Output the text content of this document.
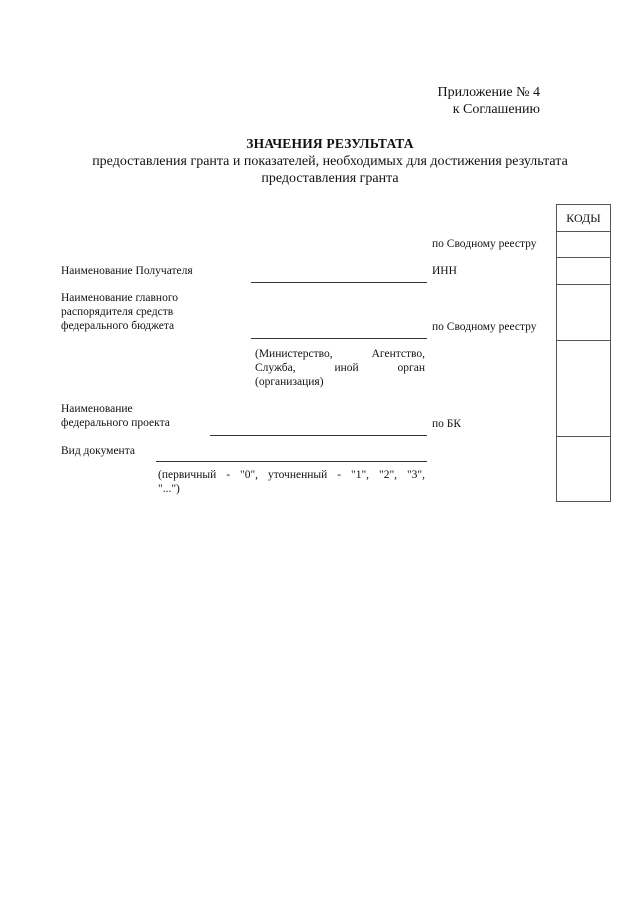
Приложение № 4
к Соглашению
ЗНАЧЕНИЯ РЕЗУЛЬТАТА
предоставления гранта и показателей, необходимых для достижения результата
предоставления гранта
КОДЫ
по Сводному реестру
ИНН
по Сводному реестру
по БК
Наименование Получателя
Наименование главного
распорядителя средств
федерального бюджета
(Министерство, Агентство,
Служба, иной орган
(организация)
Наименование
федерального проекта
Вид документа
(первичный - "0", уточненный - "1", "2", "3",
"...")
